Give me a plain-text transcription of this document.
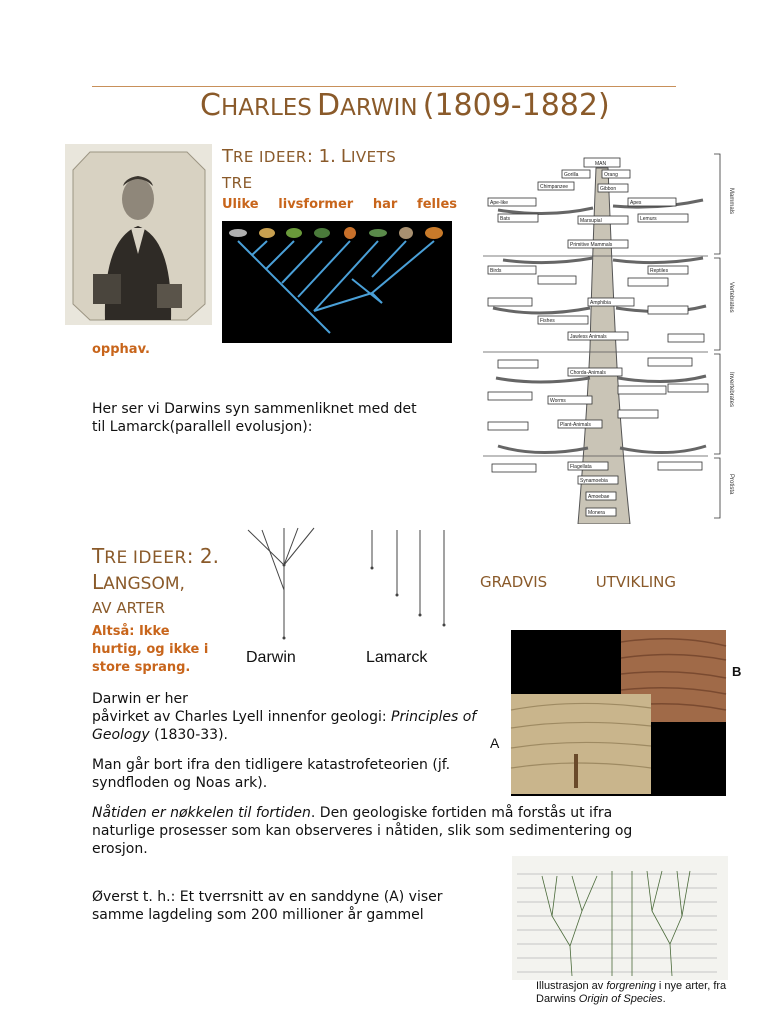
CHARLES DARWIN (1809-1882)
TRE IDEER: 1. LIVETS
TRE
Ulike livsformer har felles
opphav.
Mammals
Vertebrates
Invertebrates
Protista
MAN
Gorilla	Orang
Chimpanzee	Gibbon
Ape-like	Apes
Bats	Marsupial	Lemurs
Primitive Mammals
Birds	Reptiles
Amphibia
Fishes
Jawless Animals
Chorda-Animals
Worms
Plant-Animals
Flagellata
Synamoebia
Amoebae
Monera

Her ser vi Darwins syn sammenliknet med det til Lamarck(parallell evolusjon):

TRE IDEER: 2.
LANGSOM,	GRADVIS	UTVIKLING
AV ARTER
Altså: Ikke hurtig, og ikke i store sprang.
Darwin	Lamarck
A
B

Darwin er her

påvirket av Charles Lyell innenfor geologi: Principles of Geology (1830-33).

Man går bort ifra den tidligere katastrofeteorien (jf. syndfloden og Noas ark).

Nåtiden er nøkkelen til fortiden. Den geologiske fortiden må forstås ut ifra naturlige prosesser som kan observeres i nåtiden, slik som sedimentering og erosjon.

Øverst t. h.: Et tverrsnitt av en sanddyne (A) viser samme lagdeling som 200 millioner år gammel

Illustrasjon av forgrening i nye arter, fra Darwins Origin of Species.
